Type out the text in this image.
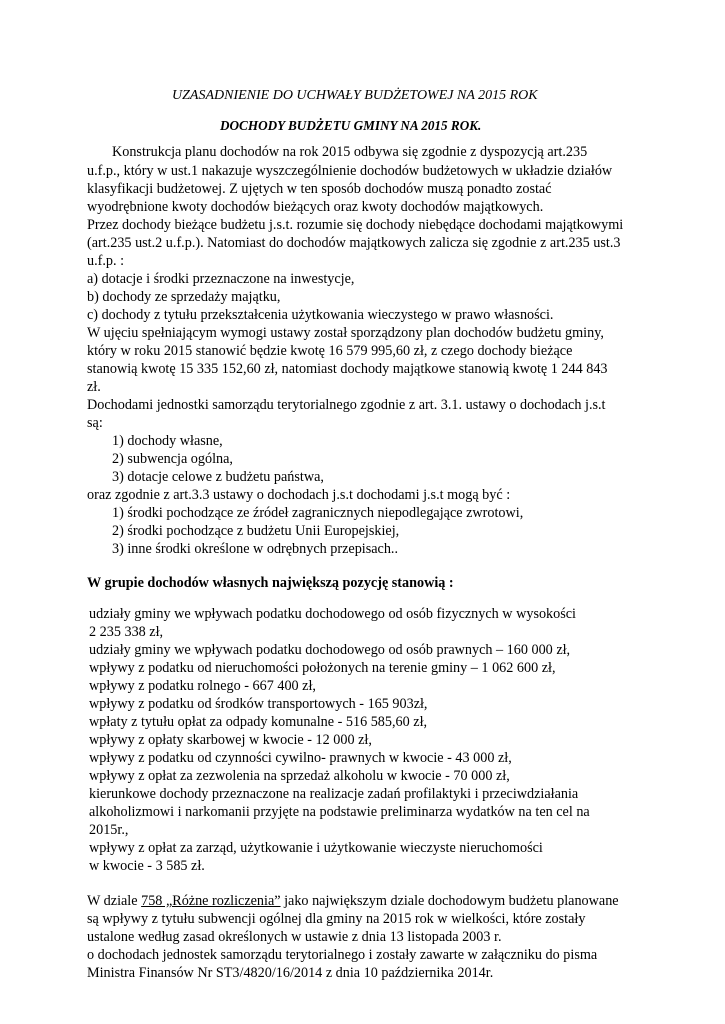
UZASADNIENIE DO UCHWAŁY BUDŻETOWEJ NA 2015 ROK
DOCHODY BUDŻETU GMINY NA 2015 ROK.
Konstrukcja planu dochodów na rok 2015 odbywa się zgodnie z dyspozycją art.235
u.f.p., który w ust.1 nakazuje wyszczególnienie dochodów budżetowych w układzie działów
klasyfikacji budżetowej. Z ujętych w ten sposób dochodów muszą ponadto zostać
wyodrębnione kwoty dochodów bieżących oraz kwoty dochodów majątkowych.
Przez dochody bieżące budżetu j.s.t. rozumie się dochody niebędące dochodami majątkowymi
(art.235 ust.2 u.f.p.). Natomiast do dochodów majątkowych zalicza się zgodnie z art.235 ust.3
u.f.p. :
a) dotacje i środki przeznaczone na inwestycje,
b) dochody ze sprzedaży majątku,
c) dochody z tytułu przekształcenia użytkowania wieczystego w prawo własności.
W ujęciu spełniającym wymogi ustawy został sporządzony plan dochodów budżetu gminy,
który w roku 2015 stanowić będzie kwotę 16 579 995,60 zł, z czego dochody bieżące
stanowią kwotę 15 335 152,60 zł, natomiast dochody majątkowe stanowią kwotę 1 244 843
zł.
Dochodami jednostki samorządu terytorialnego zgodnie z art. 3.1. ustawy o dochodach j.s.t
są:
1) dochody własne,
2) subwencja ogólna,
3) dotacje celowe z budżetu państwa,
oraz zgodnie z art.3.3 ustawy o dochodach j.s.t dochodami j.s.t mogą być :
1) środki pochodzące ze źródeł zagranicznych niepodlegające zwrotowi,
2) środki pochodzące z budżetu Unii Europejskiej,
3) inne środki określone w odrębnych przepisach..
W grupie dochodów własnych największą pozycję stanowią :
udziały gminy we wpływach podatku dochodowego od osób fizycznych w wysokości
2 235 338 zł,
udziały gminy we wpływach podatku dochodowego od osób prawnych – 160 000 zł,
wpływy z podatku od nieruchomości położonych na terenie gminy – 1 062 600 zł,
wpływy z podatku rolnego - 667 400 zł,
wpływy z podatku od środków transportowych - 165 903zł,
wpłaty z tytułu opłat za odpady komunalne - 516 585,60 zł,
wpływy z opłaty skarbowej w kwocie - 12 000 zł,
wpływy z podatku od czynności cywilno- prawnych w kwocie - 43 000 zł,
wpływy z opłat za zezwolenia na sprzedaż alkoholu w kwocie - 70 000 zł,
kierunkowe dochody przeznaczone na realizacje zadań profilaktyki i przeciwdziałania
alkoholizmowi i narkomanii przyjęte na podstawie preliminarza wydatków na ten cel na
2015r.,
wpływy z opłat za zarząd, użytkowanie i użytkowanie wieczyste nieruchomości
w kwocie - 3 585 zł.
W dziale 758 „Różne rozliczenia” jako największym dziale dochodowym budżetu planowane
są wpływy z tytułu subwencji ogólnej dla gminy na 2015 rok w wielkości, które zostały
ustalone według zasad określonych w ustawie z dnia 13 listopada 2003 r.
o dochodach jednostek samorządu terytorialnego i zostały zawarte w załączniku do pisma
Ministra Finansów Nr ST3/4820/16/2014 z dnia 10 października 2014r.
